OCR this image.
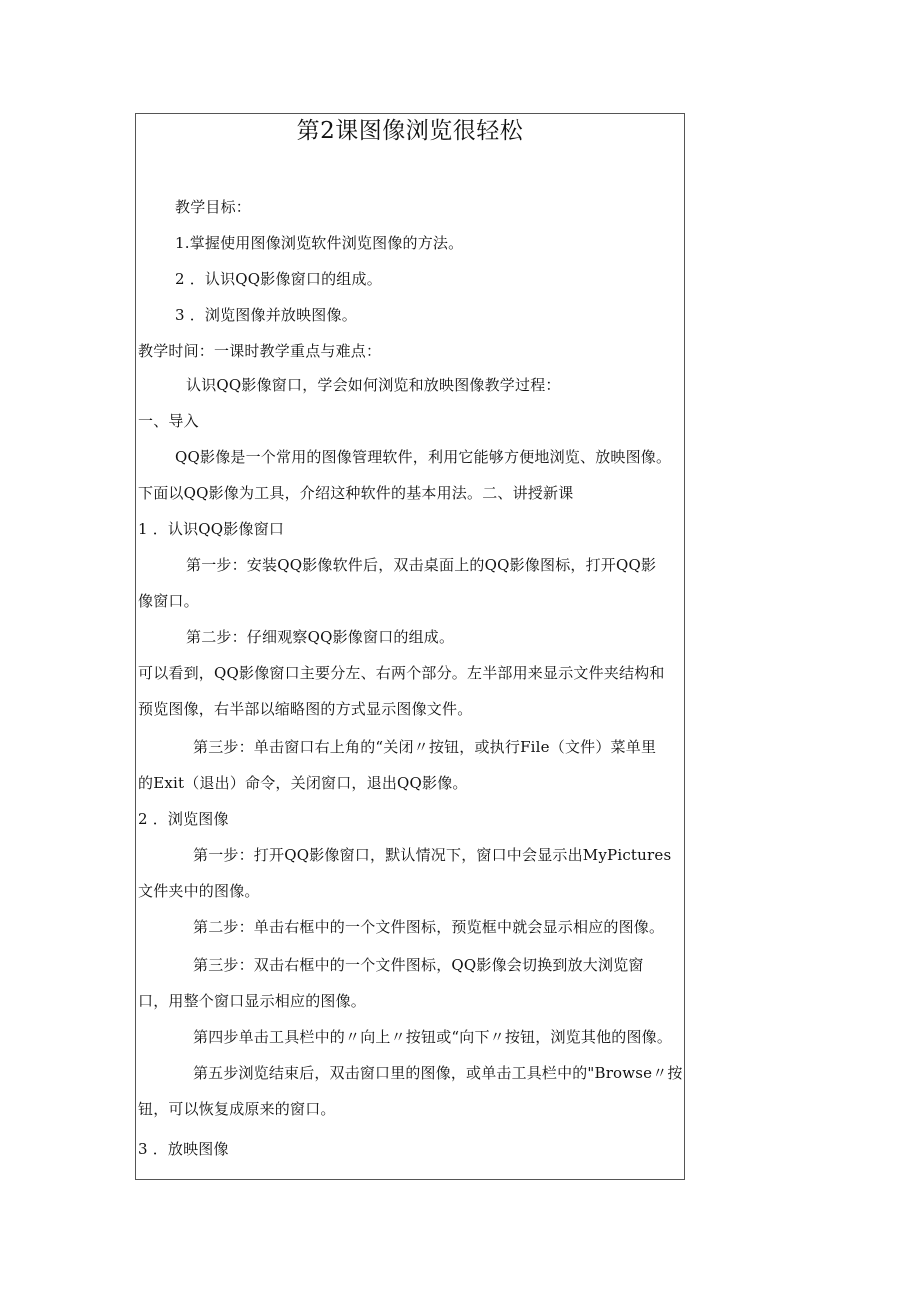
第2课图像浏览很轻松
教学目标：
1.掌握使用图像浏览软件浏览图像的方法。
2 ．认识QQ影像窗口的组成。
3 ．浏览图像并放映图像。
教学时间：一课时教学重点与难点：
认识QQ影像窗口，学会如何浏览和放映图像教学过程：
一、导入
QQ影像是一个常用的图像管理软件，利用它能够方便地浏览、放映图像。
下面以QQ影像为工具，介绍这种软件的基本用法。二、讲授新课
1 ．认识QQ影像窗口
第一步：安装QQ影像软件后，双击桌面上的QQ影像图标，打开QQ影
像窗口。
第二步：仔细观察QQ影像窗口的组成。
可以看到，QQ影像窗口主要分左、右两个部分。左半部用来显示文件夹结构和
预览图像，右半部以缩略图的方式显示图像文件。
第三步：单击窗口右上角的“关闭〃按钮，或执行File（文件）菜单里
的Exit（退出）命令，关闭窗口，退出QQ影像。
2 ．浏览图像
第一步：打开QQ影像窗口，默认情况下，窗口中会显示出MyPictures
文件夹中的图像。
第二步：单击右框中的一个文件图标，预览框中就会显示相应的图像。
第三步：双击右框中的一个文件图标，QQ影像会切换到放大浏览窗
口，用整个窗口显示相应的图像。
第四步单击工具栏中的〃向上〃按钮或“向下〃按钮，浏览其他的图像。
第五步浏览结束后，双击窗口里的图像，或单击工具栏中的"Browse〃按
钮，可以恢复成原来的窗口。
3 ．放映图像
